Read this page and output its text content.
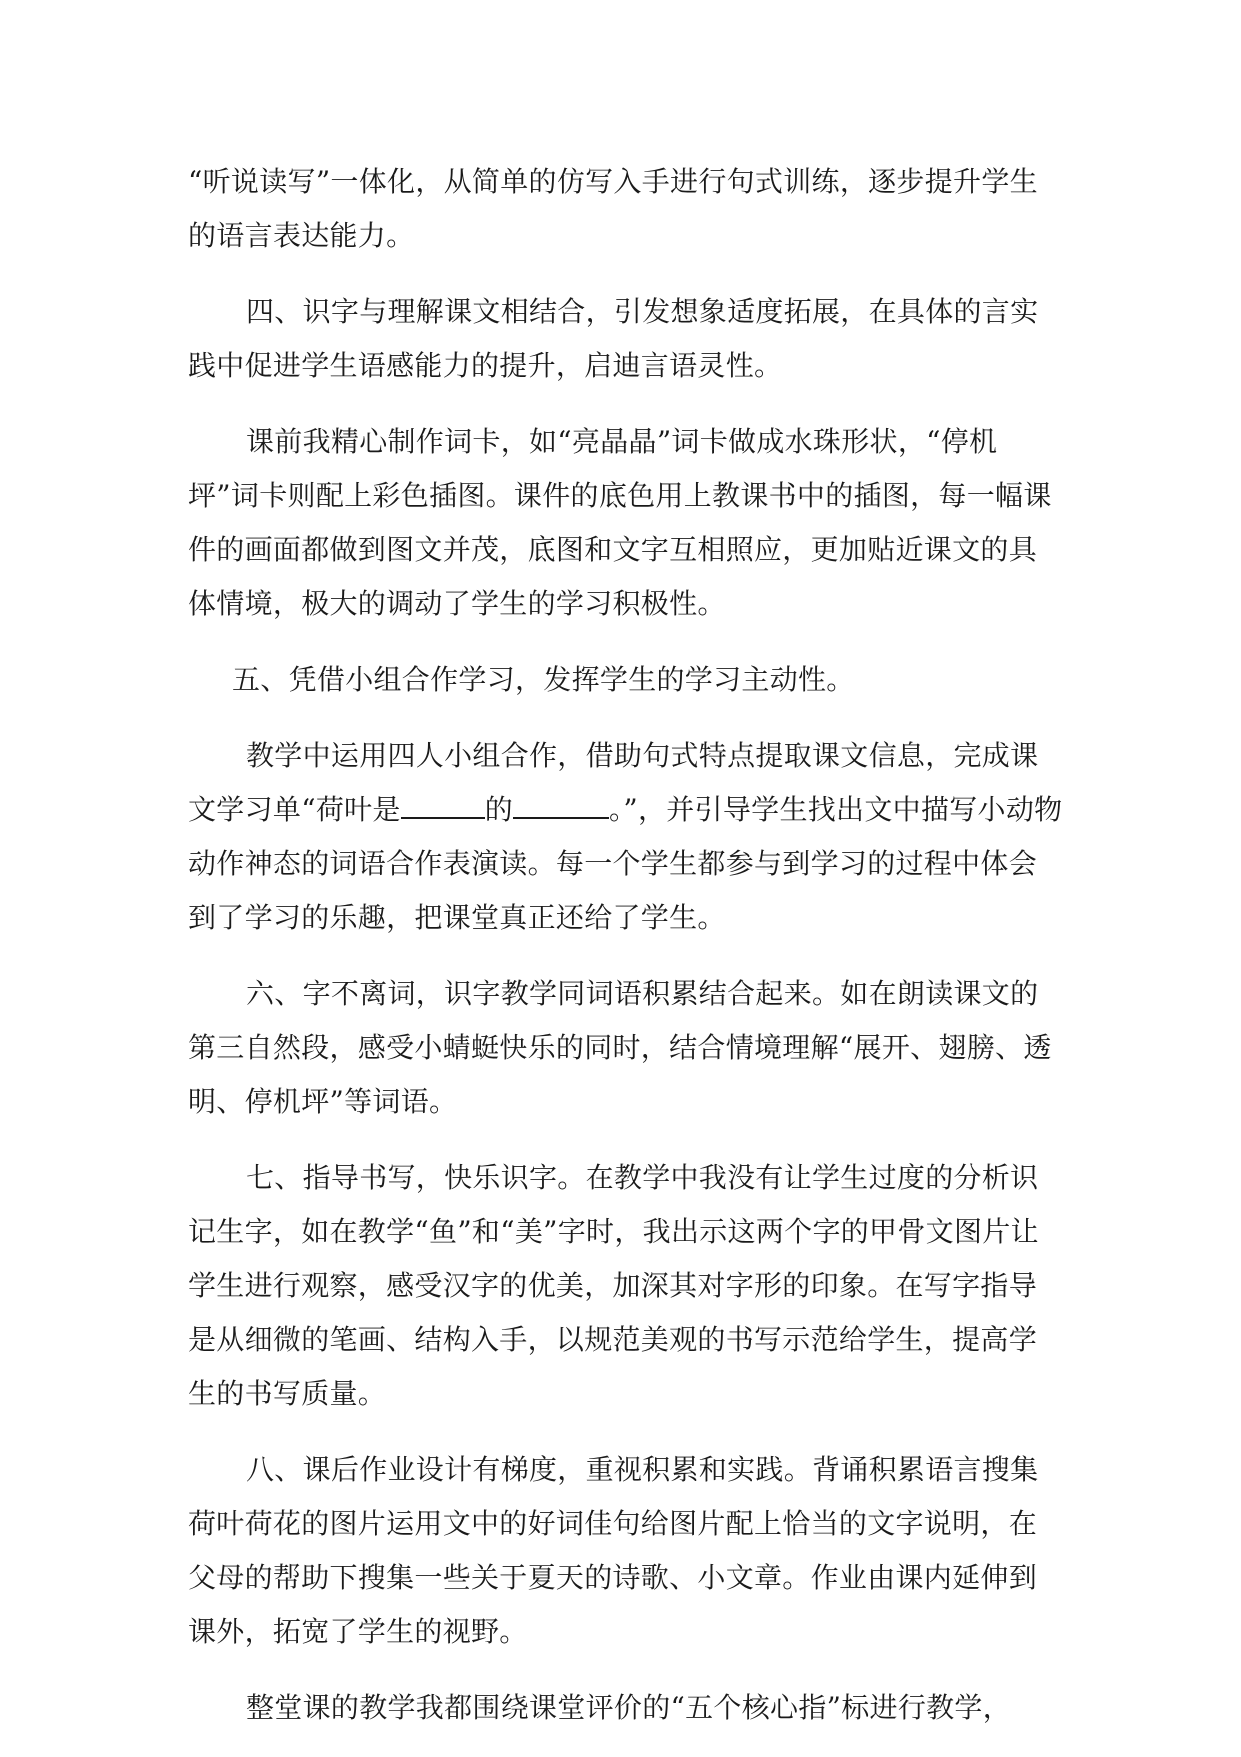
“听说读写”一体化，从简单的仿写入手进行句式训练，逐步提升学生的语言表达能力。

四、识字与理解课文相结合，引发想象适度拓展，在具体的言实践中促进学生语感能力的提升，启迪言语灵性。

课前我精心制作词卡，如“亮晶晶”词卡做成水珠形状，“停机坪”词卡则配上彩色插图。课件的底色用上教课书中的插图，每一幅课件的画面都做到图文并茂，底图和文字互相照应，更加贴近课文的具体情境，极大的调动了学生的学习积极性。

五、凭借小组合作学习，发挥学生的学习主动性。

教学中运用四人小组合作，借助句式特点提取课文信息，完成课文学习单“荷叶是	的	。”，并引导学生找出文中描写小动物动作神态的词语合作表演读。每一个学生都参与到学习的过程中体会到了学习的乐趣，把课堂真正还给了学生。

六、字不离词，识字教学同词语积累结合起来。如在朗读课文的第三自然段，感受小蜻蜓快乐的同时，结合情境理解“展开、翅膀、透明、停机坪”等词语。

七、指导书写，快乐识字。在教学中我没有让学生过度的分析识记生字，如在教学“鱼”和“美”字时，我出示这两个字的甲骨文图片让学生进行观察，感受汉字的优美，加深其对字形的印象。在写字指导是从细微的笔画、结构入手，以规范美观的书写示范给学生，提高学生的书写质量。

八、课后作业设计有梯度，重视积累和实践。背诵积累语言搜集荷叶荷花的图片运用文中的好词佳句给图片配上恰当的文字说明，在父母的帮助下搜集一些关于夏天的诗歌、小文章。作业由课内延伸到课外，拓宽了学生的视野。

整堂课的教学我都围绕课堂评价的“五个核心指”标进行教学，
